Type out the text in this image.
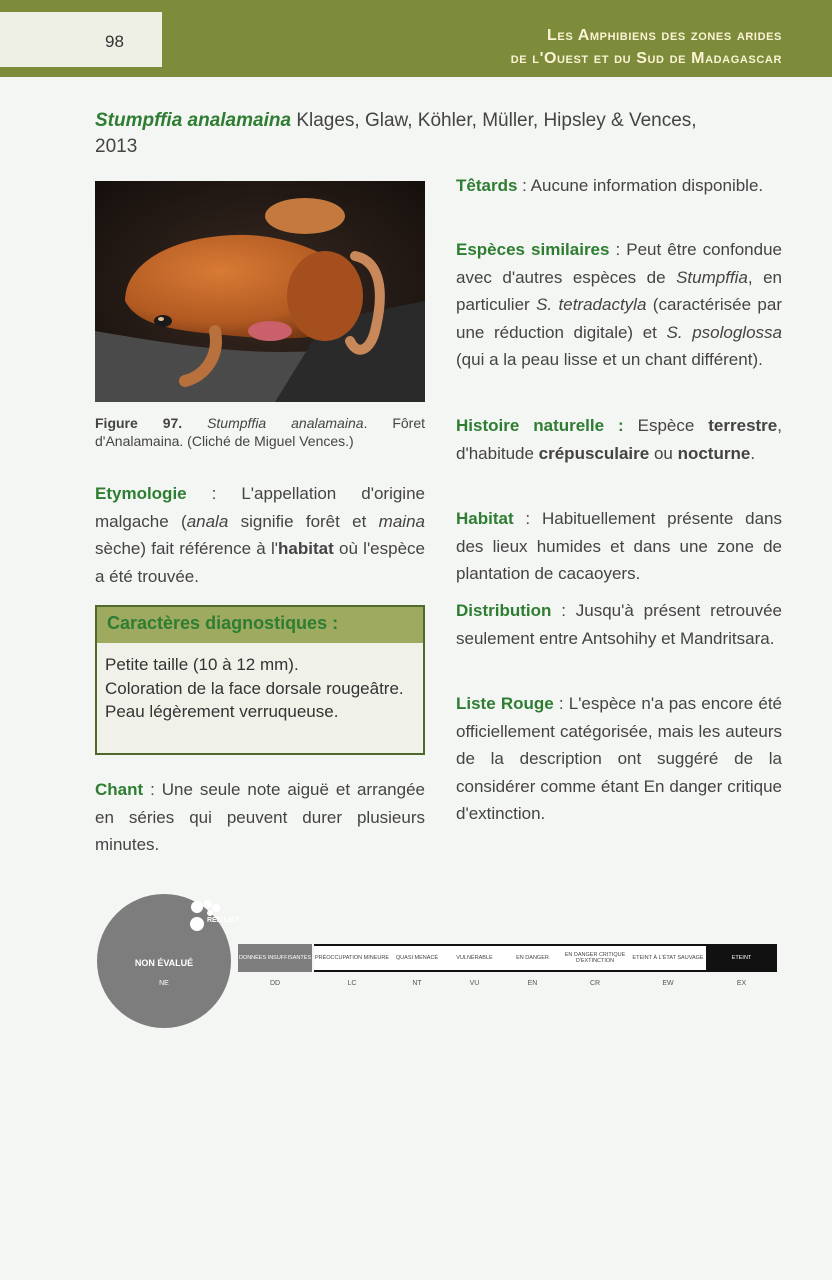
98	Les Amphibiens des zones arides
de l'Ouest et du Sud de Madagascar
Stumpffia analamaina Klages, Glaw, Köhler, Müller, Hipsley & Vences,
2013
Figure 97. Stumpffia analamaina. Fôret d'Analamaina. (Cliché de Miguel Vences.)
Etymologie : L'appellation d'origine malgache (anala signifie forêt et maina sèche) fait référence à l'habitat où l'espèce a été trouvée.
Caractères diagnostiques :
Petite taille (10 à 12 mm).
Coloration de la face dorsale rougeâtre.
Peau légèrement verruqueuse.
Chant : Une seule note aiguë et arrangée en séries qui peuvent durer plusieurs minutes.
Têtards : Aucune information disponible.
Espèces similaires : Peut être confondue avec d'autres espèces de Stumpffia, en particulier S. tetradactyla (caractérisée par une réduction digitale) et S. psologlossa (qui a la peau lisse et un chant différent).
Histoire naturelle : Espèce terrestre, d'habitude crépusculaire ou nocturne.
Habitat : Habituellement présente dans des lieux humides et dans une zone de plantation de cacaoyers.
Distribution : Jusqu'à présent retrouvée seulement entre Antsohihy et Mandritsara.
Liste Rouge : L'espèce n'a pas encore été officiellement catégorisée, mais les auteurs de la description ont suggéré de la considérer comme étant En danger critique d'extinction.
RED LIST
NON ÉVALUÉ
NE
DONNÉES INSUFFISANTES
DD
PRÉOCCUPATION MINEURE
LC
QUASI MENACÉ
NT
VULNÉRABLE
VU
EN DANGER
EN
EN DANGER CRITIQUE D'EXTINCTION
CR
ETEINT À L'ÉTAT SAUVAGE
EW
ETEINT
EX
